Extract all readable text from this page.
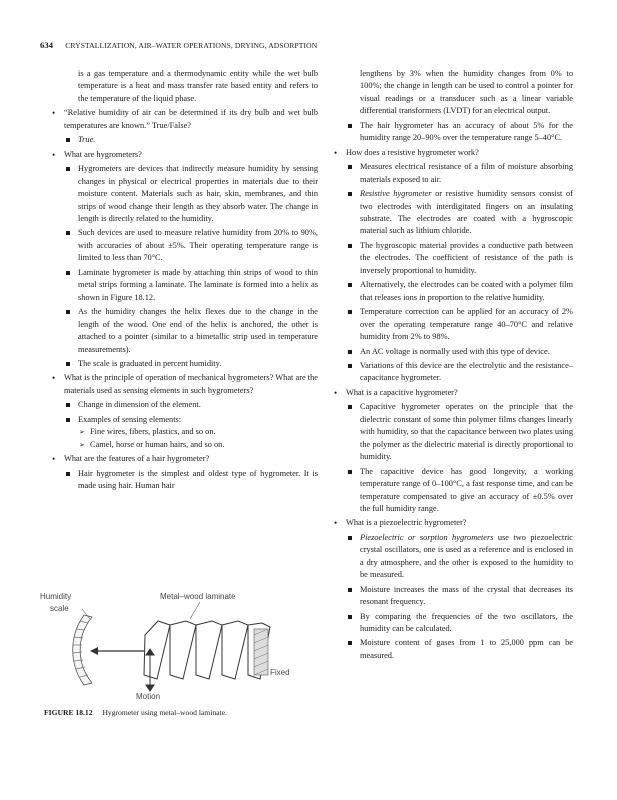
634 CRYSTALLIZATION, AIR–WATER OPERATIONS, DRYING, ADSORPTION

is a gas temperature and a thermodynamic entity while the wet bulb temperature is a heat and mass transfer rate based entity and refers to the temperature of the liquid phase.

• “Relative humidity of air can be determined if its dry bulb and wet bulb temperatures are known.” True/False?

True.

• What are hygrometers?

Hygrometers are devices that indirectly measure humidity by sensing changes in physical or electrical properties in materials due to their moisture content. Materials such as hair, skin, membranes, and thin strips of wood change their length as they absorb water. The change in length is directly related to the humidity.

Such devices are used to measure relative humidity from 20% to 90%, with accuracies of about ±5%. Their operating temperature range is limited to less than 70°C.

Laminate hygrometer is made by attaching thin strips of wood to thin metal strips forming a laminate. The laminate is formed into a helix as shown in Figure 18.12.

As the humidity changes the helix flexes due to the change in the length of the wood. One end of the helix is anchored, the other is attached to a pointer (similar to a bimetallic strip used in temperature measurements).

The scale is graduated in percent humidity.

• What is the principle of operation of mechanical hygrometers? What are the materials used as sensing elements in such hygrometers?

Change in dimension of the element.

Examples of sensing elements:

➢ Fine wires, fibers, plastics, and so on.

➢ Camel, horse or human hairs, and so on.

• What are the features of a hair hygrometer?

Hair hygrometer is the simplest and oldest type of hygrometer. It is made using hair. Human hair

Humidity
scale
Metal–wood laminate
Fixed
Motion
FIGURE 18.12 Hygrometer using metal–wood laminate.

lengthens by 3% when the humidity changes from 0% to 100%; the change in length can be used to control a pointer for visual readings or a transducer such as a linear variable differential transformers (LVDT) for an electrical output.

The hair hygrometer has an accuracy of about 5% for the humidity range 20–90% over the temperature range 5–40°C.

• How does a resistive hygrometer work?

Measures electrical resistance of a film of moisture absorbing materials exposed to air.

Resistive hygrometer or resistive humidity sensors consist of two electrodes with interdigitated fingers on an insulating substrate. The electrodes are coated with a hygroscopic material such as lithium chloride.

The hygroscopic material provides a conductive path between the electrodes. The coefficient of resistance of the path is inversely proportional to humidity.

Alternatively, the electrodes can be coated with a polymer film that releases ions in proportion to the relative humidity.

Temperature correction can be applied for an accuracy of 2% over the operating temperature range 40–70°C and relative humidity from 2% to 98%.

An AC voltage is normally used with this type of device.

Variations of this device are the electrolytic and the resistance–capacitance hygrometer.

• What is a capacitive hygrometer?

Capacitive hygrometer operates on the principle that the dielectric constant of some thin polymer films changes linearly with humidity, so that the capacitance between two plates using the polymer as the dielectric material is directly proportional to humidity.

The capacitive device has good longevity, a working temperature range of 0–100°C, a fast response time, and can be temperature compensated to give an accuracy of ±0.5% over the full humidity range.

• What is a piezoelectric hygrometer?

Piezoelectric or sorption hygrometers use two piezoelectric crystal oscillators, one is used as a reference and is enclosed in a dry atmosphere, and the other is exposed to the humidity to be measured.

Moisture increases the mass of the crystal that decreases its resonant frequency.

By comparing the frequencies of the two oscillators, the humidity can be calculated.

Moisture content of gases from 1 to 25,000 ppm can be measured.
